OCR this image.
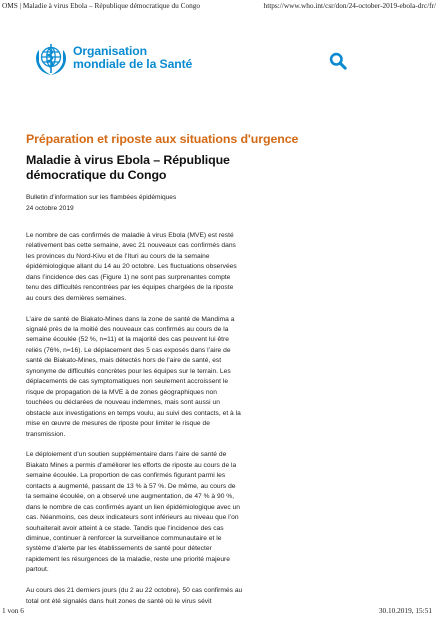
OMS | Maladie à virus Ebola – République démocratique du Congo	https://www.who.int/csr/don/24-october-2019-ebola-drc/fr/
Organisation
mondiale de la Santé
Préparation et riposte aux situations d'urgence
Maladie à virus Ebola – République
démocratique du Congo

Bulletin d’information sur les flambées épidémiques

24 octobre 2019

Le nombre de cas confirmés de maladie à virus Ebola (MVE) est resté
relativement bas cette semaine, avec 21 nouveaux cas confirmés dans
les provinces du Nord-Kivu et de l’Ituri au cours de la semaine
épidémiologique allant du 14 au 20 octobre. Les fluctuations observées
dans l’incidence des cas (Figure 1) ne sont pas surprenantes compte
tenu des difficultés rencontrées par les équipes chargées de la riposte
au cours des dernières semaines.

L’aire de santé de Biakato-Mines dans la zone de santé de Mandima a
signalé près de la moitié des nouveaux cas confirmés au cours de la
semaine écoulée (52 %, n=11) et la majorité des cas peuvent lui être
reliés (76%, n=16). Le déplacement des 5 cas exposés dans l’aire de
santé de Biakato-Mines, mais détectés hors de l’aire de santé, est
synonyme de difficultés concrètes pour les équipes sur le terrain. Les
déplacements de cas symptomatiques non seulement accroissent le
risque de propagation de la MVE à de zones géographiques non
touchées ou déclarées de nouveau indemnes, mais sont aussi un
obstacle aux investigations en temps voulu, au suivi des contacts, et à la
mise en œuvre de mesures de riposte pour limiter le risque de
transmission.

Le déploiement d’un soutien supplémentaire dans l’aire de santé de
Biakato Mines a permis d’améliorer les efforts de riposte au cours de la
semaine écoulée. La proportion de cas confirmés figurant parmi les
contacts a augmenté, passant de 13 % à 57 %. De même, au cours de
la semaine écoulée, on a observé une augmentation, de 47 % à 90 %,
dans le nombre de cas confirmés ayant un lien épidémiologique avec un
cas. Néanmoins, ces deux indicateurs sont inférieurs au niveau que l’on
souhaiterait avoir atteint à ce stade. Tandis que l’incidence des cas
diminue, continuer à renforcer la surveillance communautaire et le
système d’alerte par les établissements de santé pour détecter
rapidement les résurgences de la maladie, reste une priorité majeure
partout.

Au cours des 21 derniers jours (du 2 au 22 octobre), 50 cas confirmés au
total ont été signalés dans huit zones de santé où le virus sévit

1 von 6	30.10.2019, 15:51
